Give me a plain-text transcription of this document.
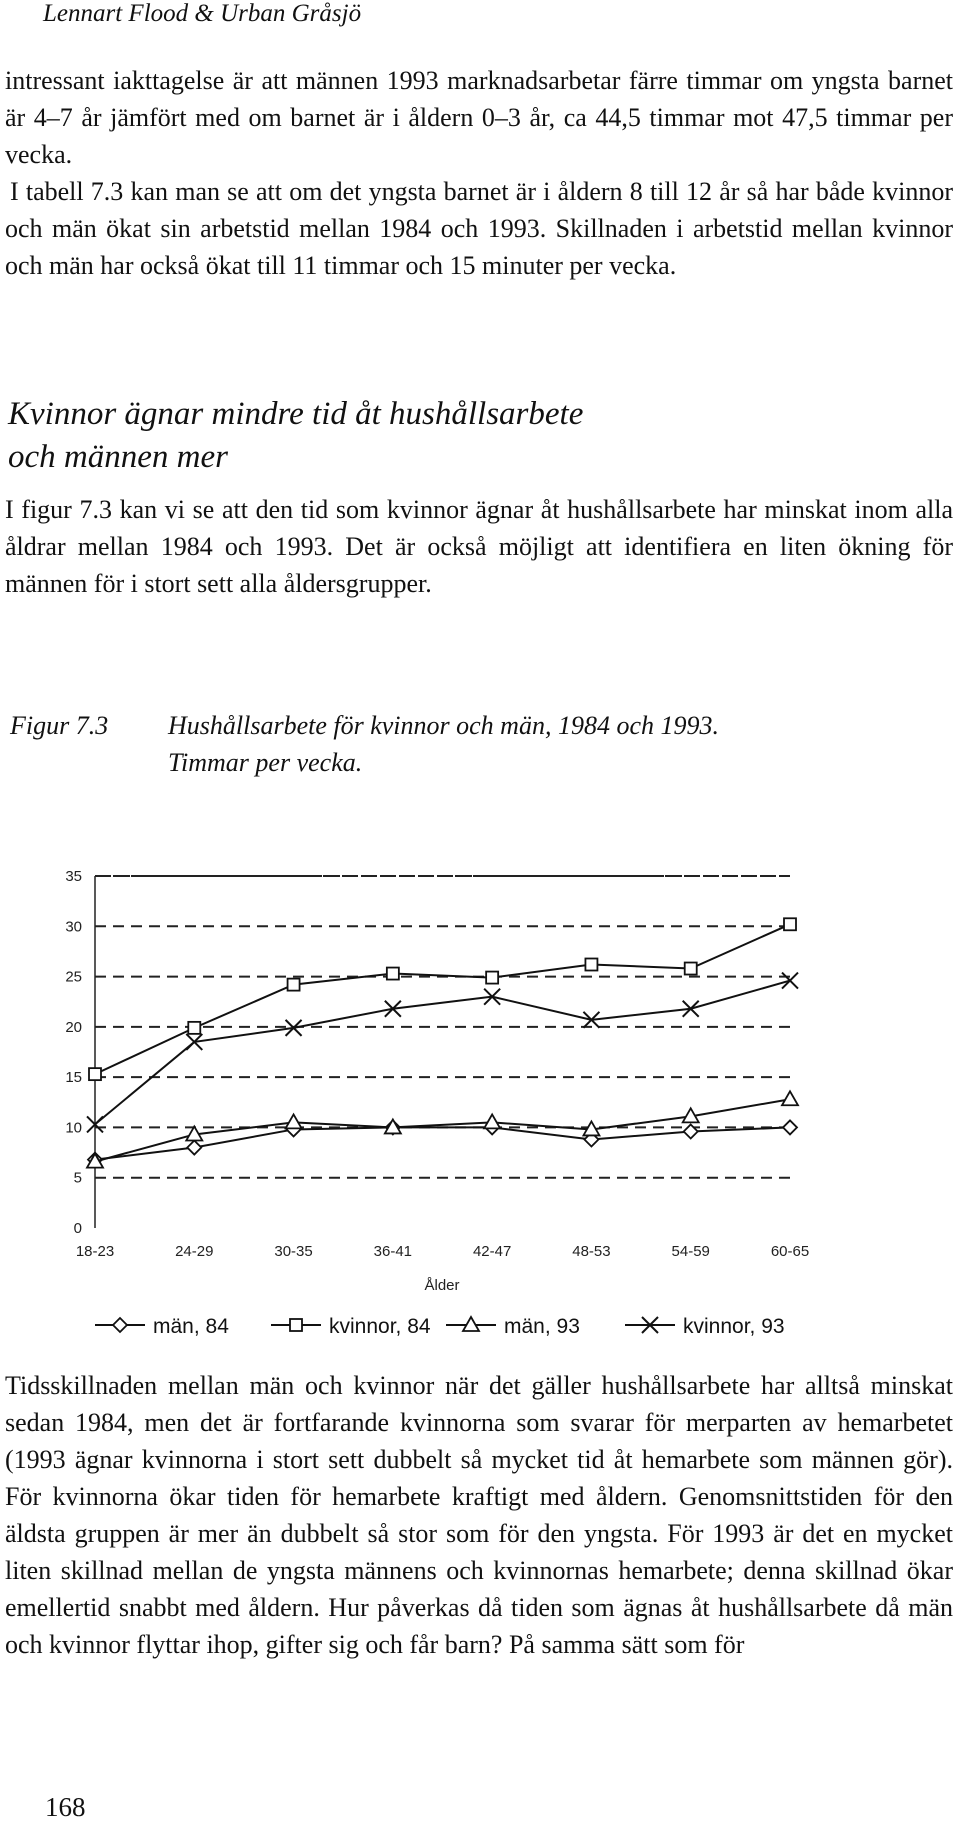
Lennart Flood & Urban Gråsjö

intressant iakttagelse är att männen 1993 marknadsarbetar färre timmar om yngsta barnet är 4–7 år jämfört med om barnet är i åldern 0–3 år, ca 44,5 timmar mot 47,5 timmar per vecka.
I tabell 7.3 kan man se att om det yngsta barnet är i åldern 8 till 12 år så har både kvinnor och män ökat sin arbetstid mellan 1984 och 1993. Skillnaden i arbetstid mellan kvinnor och män har också ökat till 11 timmar och 15 minuter per vecka.

Kvinnor ägnar mindre tid åt hushållsarbete
och männen mer

I figur 7.3 kan vi se att den tid som kvinnor ägnar åt hushållsarbete har minskat inom alla åldrar mellan 1984 och 1993. Det är också möjligt att identifiera en liten ökning för männen för i stort sett alla åldersgrupper.

Figur 7.3	Hushållsarbete för kvinnor och män, 1984 och 1993.
Timmar per vecka.
0
5
10
15
20
25
30
35
18-23	24-29	30-35	36-41	42-47	48-53	54-59	60-65
Ålder
män, 84	kvinnor, 84	män, 93	kvinnor, 93

Tidsskillnaden mellan män och kvinnor när det gäller hushållsarbete har alltså minskat sedan 1984, men det är fortfarande kvinnorna som svarar för merparten av hemarbetet (1993 ägnar kvinnorna i stort sett dubbelt så mycket tid åt hemarbete som männen gör). För kvinnorna ökar tiden för hemarbete kraftigt med åldern. Genomsnittstiden för den äldsta gruppen är mer än dubbelt så stor som för den yngsta. För 1993 är det en mycket liten skillnad mellan de yngsta männens och kvinnornas hemarbete; denna skillnad ökar emellertid snabbt med åldern. Hur påverkas då tiden som ägnas åt hushållsarbete då män och kvinnor flyttar ihop, gifter sig och får barn? På samma sätt som för

168
